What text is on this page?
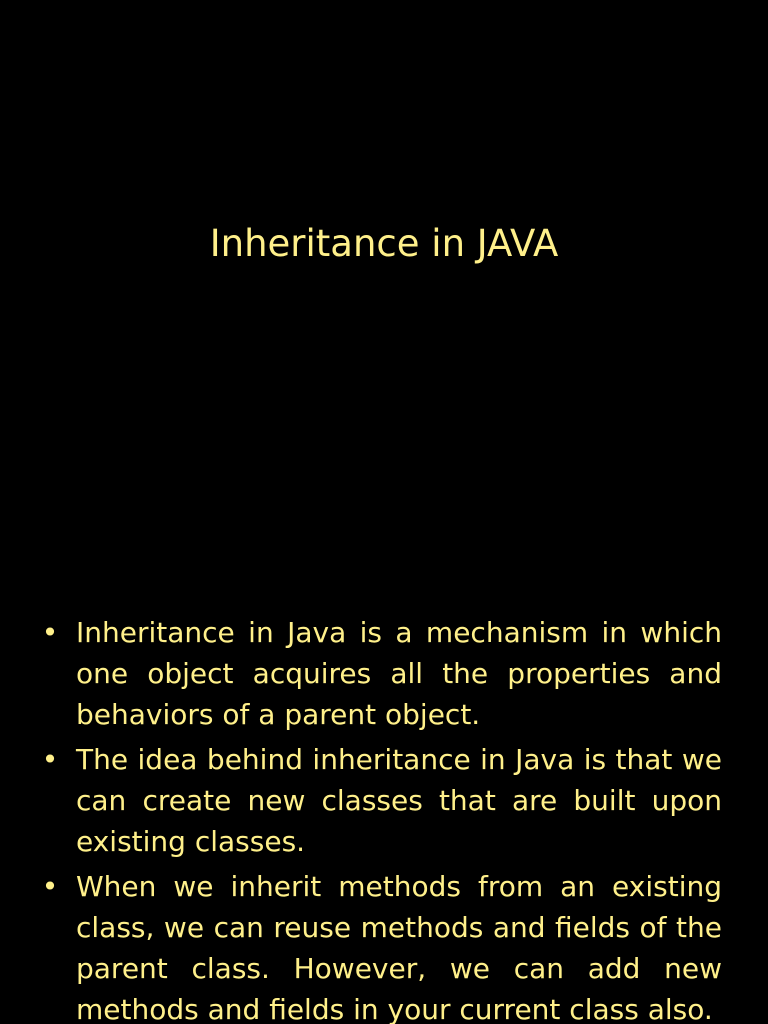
Inheritance in JAVA
• Inheritance in Java is a mechanism in which one object acquires all the properties and behaviors of a parent object.
• The idea behind inheritance in Java is that we can create new classes that are built upon existing classes.
• When we inherit methods from an existing class, we can reuse methods and fields of the parent class. However, we can add new methods and fields in your current class also.
